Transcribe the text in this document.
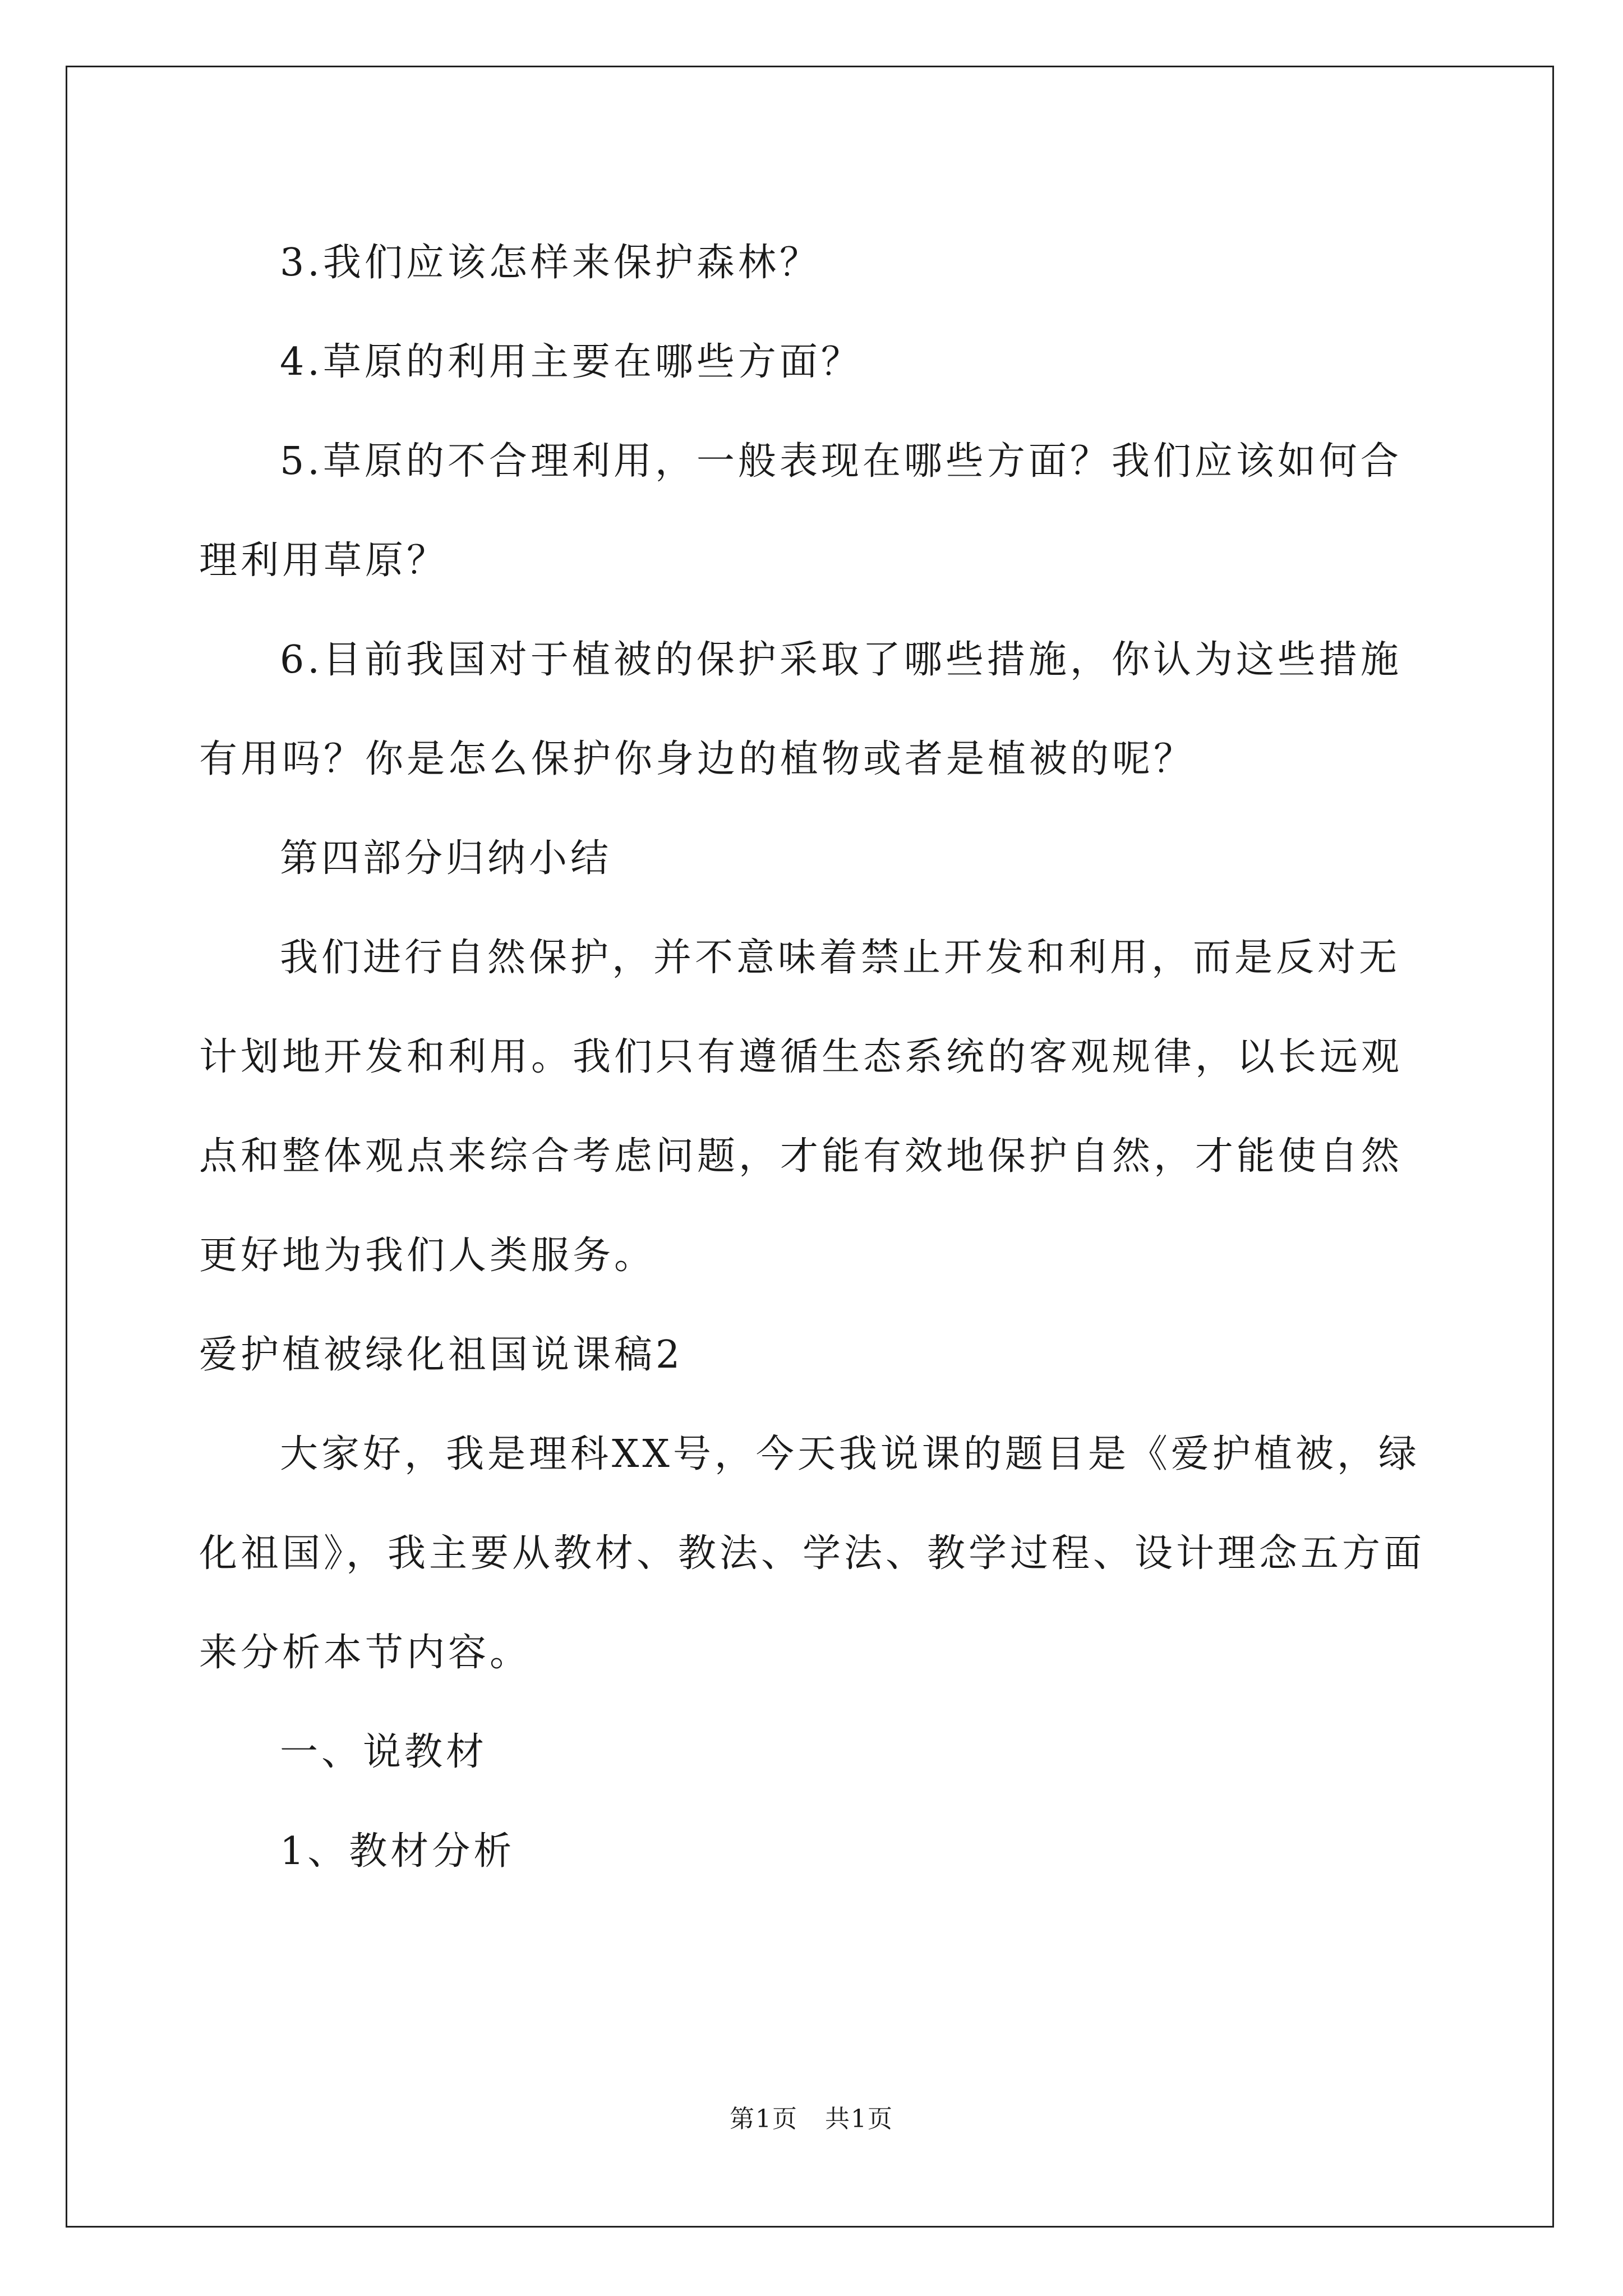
3.我们应该怎样来保护森林？

4.草原的利用主要在哪些方面？

5.草原的不合理利用，一般表现在哪些方面？我们应该如何合理利用草原？

6.目前我国对于植被的保护采取了哪些措施，你认为这些措施有用吗？你是怎么保护你身边的植物或者是植被的呢？

第四部分归纳小结

我们进行自然保护，并不意味着禁止开发和利用，而是反对无计划地开发和利用。我们只有遵循生态系统的客观规律，以长远观点和整体观点来综合考虑问题，才能有效地保护自然，才能使自然更好地为我们人类服务。

爱护植被绿化祖国说课稿2

大家好，我是理科XX号，今天我说课的题目是《爱护植被，绿化祖国》，我主要从教材、教法、学法、教学过程、设计理念五方面来分析本节内容。

一、说教材

1、教材分析

第1页 共1页
